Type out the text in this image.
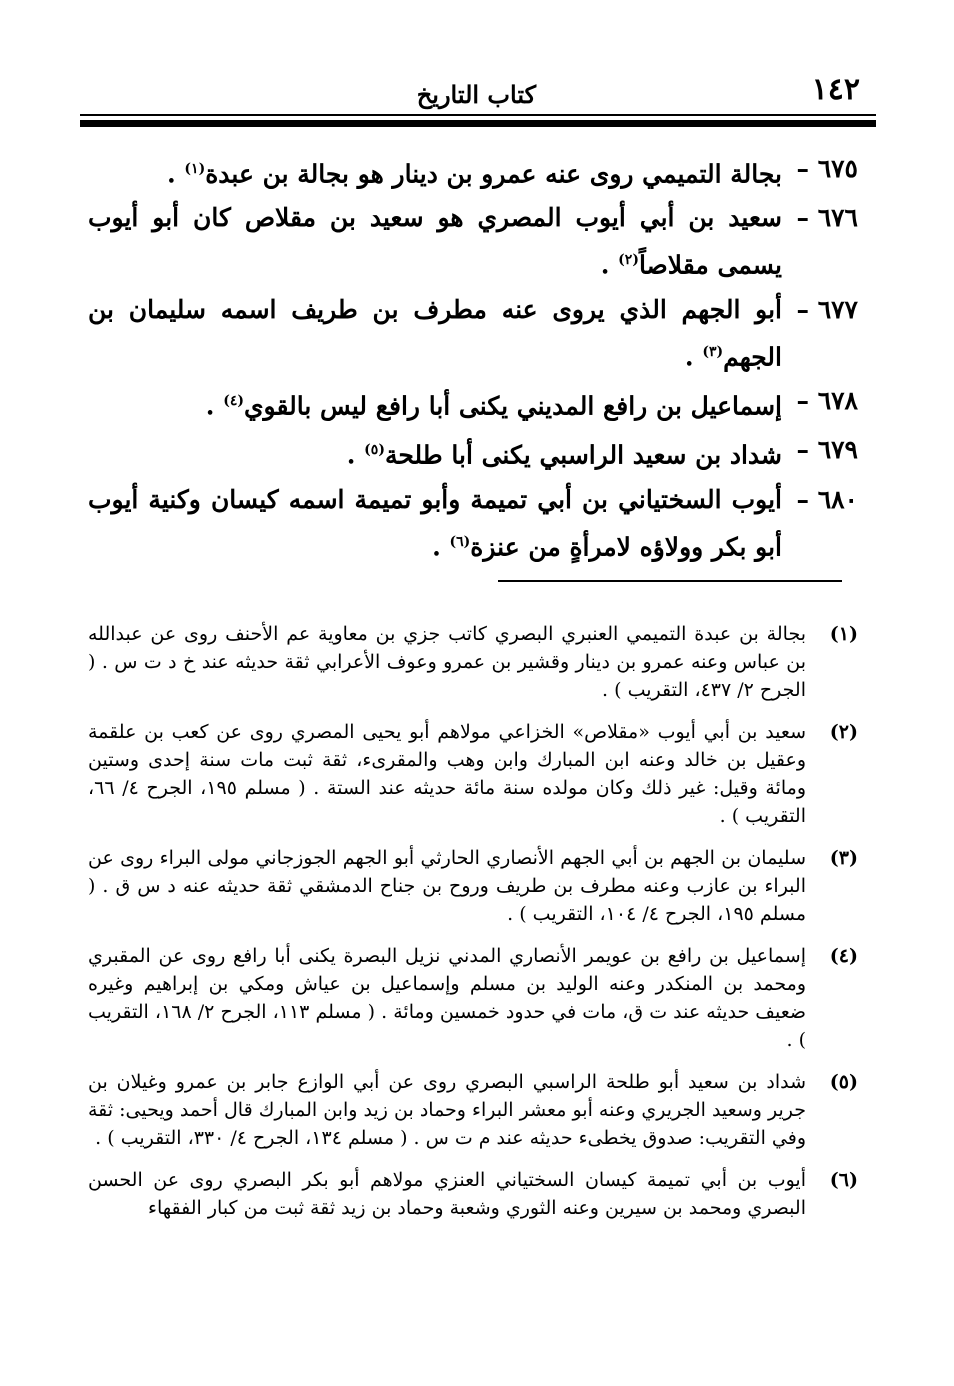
١٤٢
كتاب التاريخ
٦٧٥ –
بجالة التميمي روى عنه عمرو بن دينار هو بجالة بن عبدة$^{(١)}$ .
٦٧٦ –
سعيد بن أبي أيوب المصري هو سعيد بن مقلاص كان أبو أيوب يسمى مقلاصاً$^{(٢)}$ .
٦٧٧ –
أبو الجهم الذي يروى عنه مطرف بن طريف اسمه سليمان بن الجهم$^{(٣)}$ .
٦٧٨ –
إسماعيل بن رافع المديني يكنى أبا رافع ليس بالقوي$^{(٤)}$ .
٦٧٩ –
شداد بن سعيد الراسبي يكنى أبا طلحة$^{(٥)}$ .
٦٨٠ –
أيوب السختياني بن أبي تميمة وأبو تميمة اسمه كيسان وكنية أيوب أبو بكر وولاؤه لامرأةٍ من عنزة$^{(٦)}$ .
(١)
بجالة بن عبدة التميمي العنبري البصري كاتب جزي بن معاوية عم الأحنف روى عن عبدالله بن عباس وعنه عمرو بن دينار وقشير بن عمرو وعوف الأعرابي ثقة حديثه عند خ د ت س . ( الجرح ٢/ ٤٣٧، التقريب ) .
(٢)
سعيد بن أبي أيوب «مقلاص» الخزاعي مولاهم أبو يحيى المصري روى عن كعب بن علقمة وعقيل بن خالد وعنه ابن المبارك وابن وهب والمقرىء، ثقة ثبت مات سنة إحدى وستين ومائة وقيل: غير ذلك وكان مولده سنة مائة حديثه عند الستة . ( مسلم ١٩٥، الجرح ٤/ ٦٦، التقريب ) .
(٣)
سليمان بن الجهم بن أبي الجهم الأنصاري الحارثي أبو الجهم الجوزجاني مولى البراء روى عن البراء بن عازب وعنه مطرف بن طريف وروح بن جناح الدمشقي ثقة حديثه عنه د س ق . ( مسلم ١٩٥، الجرح ٤/ ١٠٤، التقريب ) .
(٤)
إسماعيل بن رافع بن عويمر الأنصاري المدني نزيل البصرة يكنى أبا رافع روى عن المقبري ومحمد بن المنكدر وعنه الوليد بن مسلم وإسماعيل بن عياش ومكي بن إبراهيم وغيره ضعيف حديثه عند ت ق، مات في حدود خمسين ومائة . ( مسلم ١١٣، الجرح ٢/ ١٦٨، التقريب ) .
(٥)
شداد بن سعيد أبو طلحة الراسبي البصري روى عن أبي الوازع جابر بن عمرو وغيلان بن جرير وسعيد الجريري وعنه أبو معشر البراء وحماد بن زيد وابن المبارك قال أحمد ويحيى: ثقة وفي التقريب: صدوق يخطىء حديثه عند م ت س . ( مسلم ١٣٤، الجرح ٤/ ٣٣٠، التقريب ) .
(٦)
أيوب بن أبي تميمة كيسان السختياني العنزي مولاهم أبو بكر البصري روى عن الحسن البصري ومحمد بن سيرين وعنه الثوري وشعبة وحماد بن زيد ثقة ثبت من كبار الفقهاء
